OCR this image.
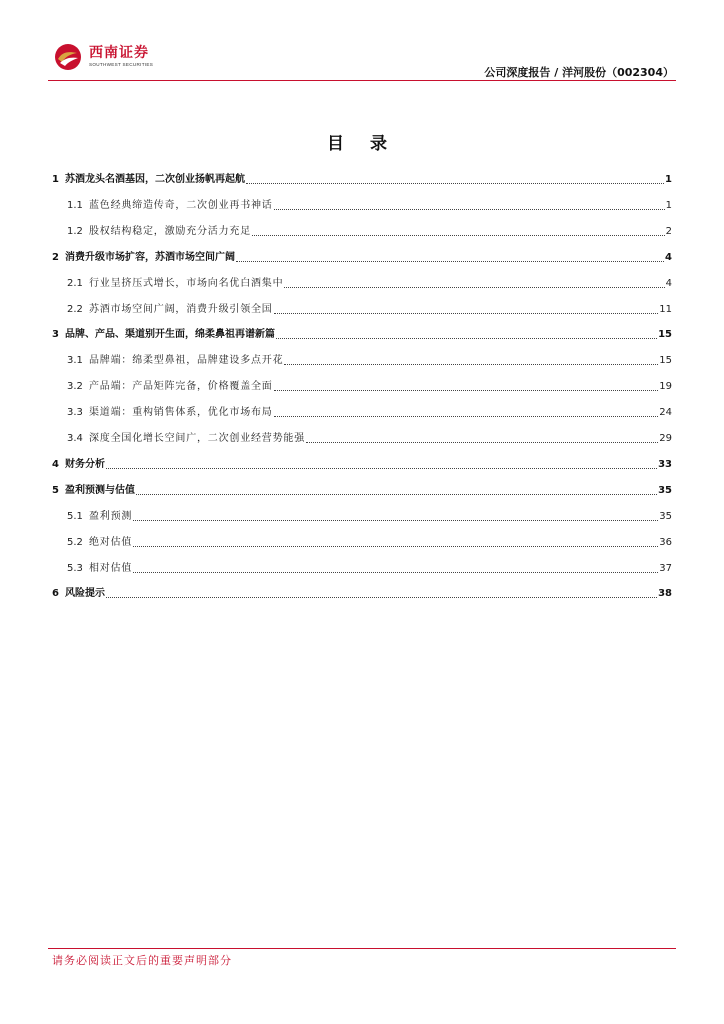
西南证券
SOUTHWEST SECURITIES
公司深度报告 / 洋河股份（002304）
目 录
1 苏酒龙头名酒基因，二次创业扬帆再起航	1
1.1 蓝色经典缔造传奇，二次创业再书神话	1
1.2 股权结构稳定，激励充分活力充足	2
2 消费升级市场扩容，苏酒市场空间广阔	4
2.1 行业呈挤压式增长，市场向名优白酒集中	4
2.2 苏酒市场空间广阔，消费升级引领全国	11
3 品牌、产品、渠道别开生面，绵柔鼻祖再谱新篇	15
3.1 品牌端：绵柔型鼻祖，品牌建设多点开花	15
3.2 产品端：产品矩阵完备，价格覆盖全面	19
3.3 渠道端：重构销售体系，优化市场布局	24
3.4 深度全国化增长空间广，二次创业经营势能强	29
4 财务分析	33
5 盈利预测与估值	35
5.1 盈利预测	35
5.2 绝对估值	36
5.3 相对估值	37
6 风险提示	38
请务必阅读正文后的重要声明部分
